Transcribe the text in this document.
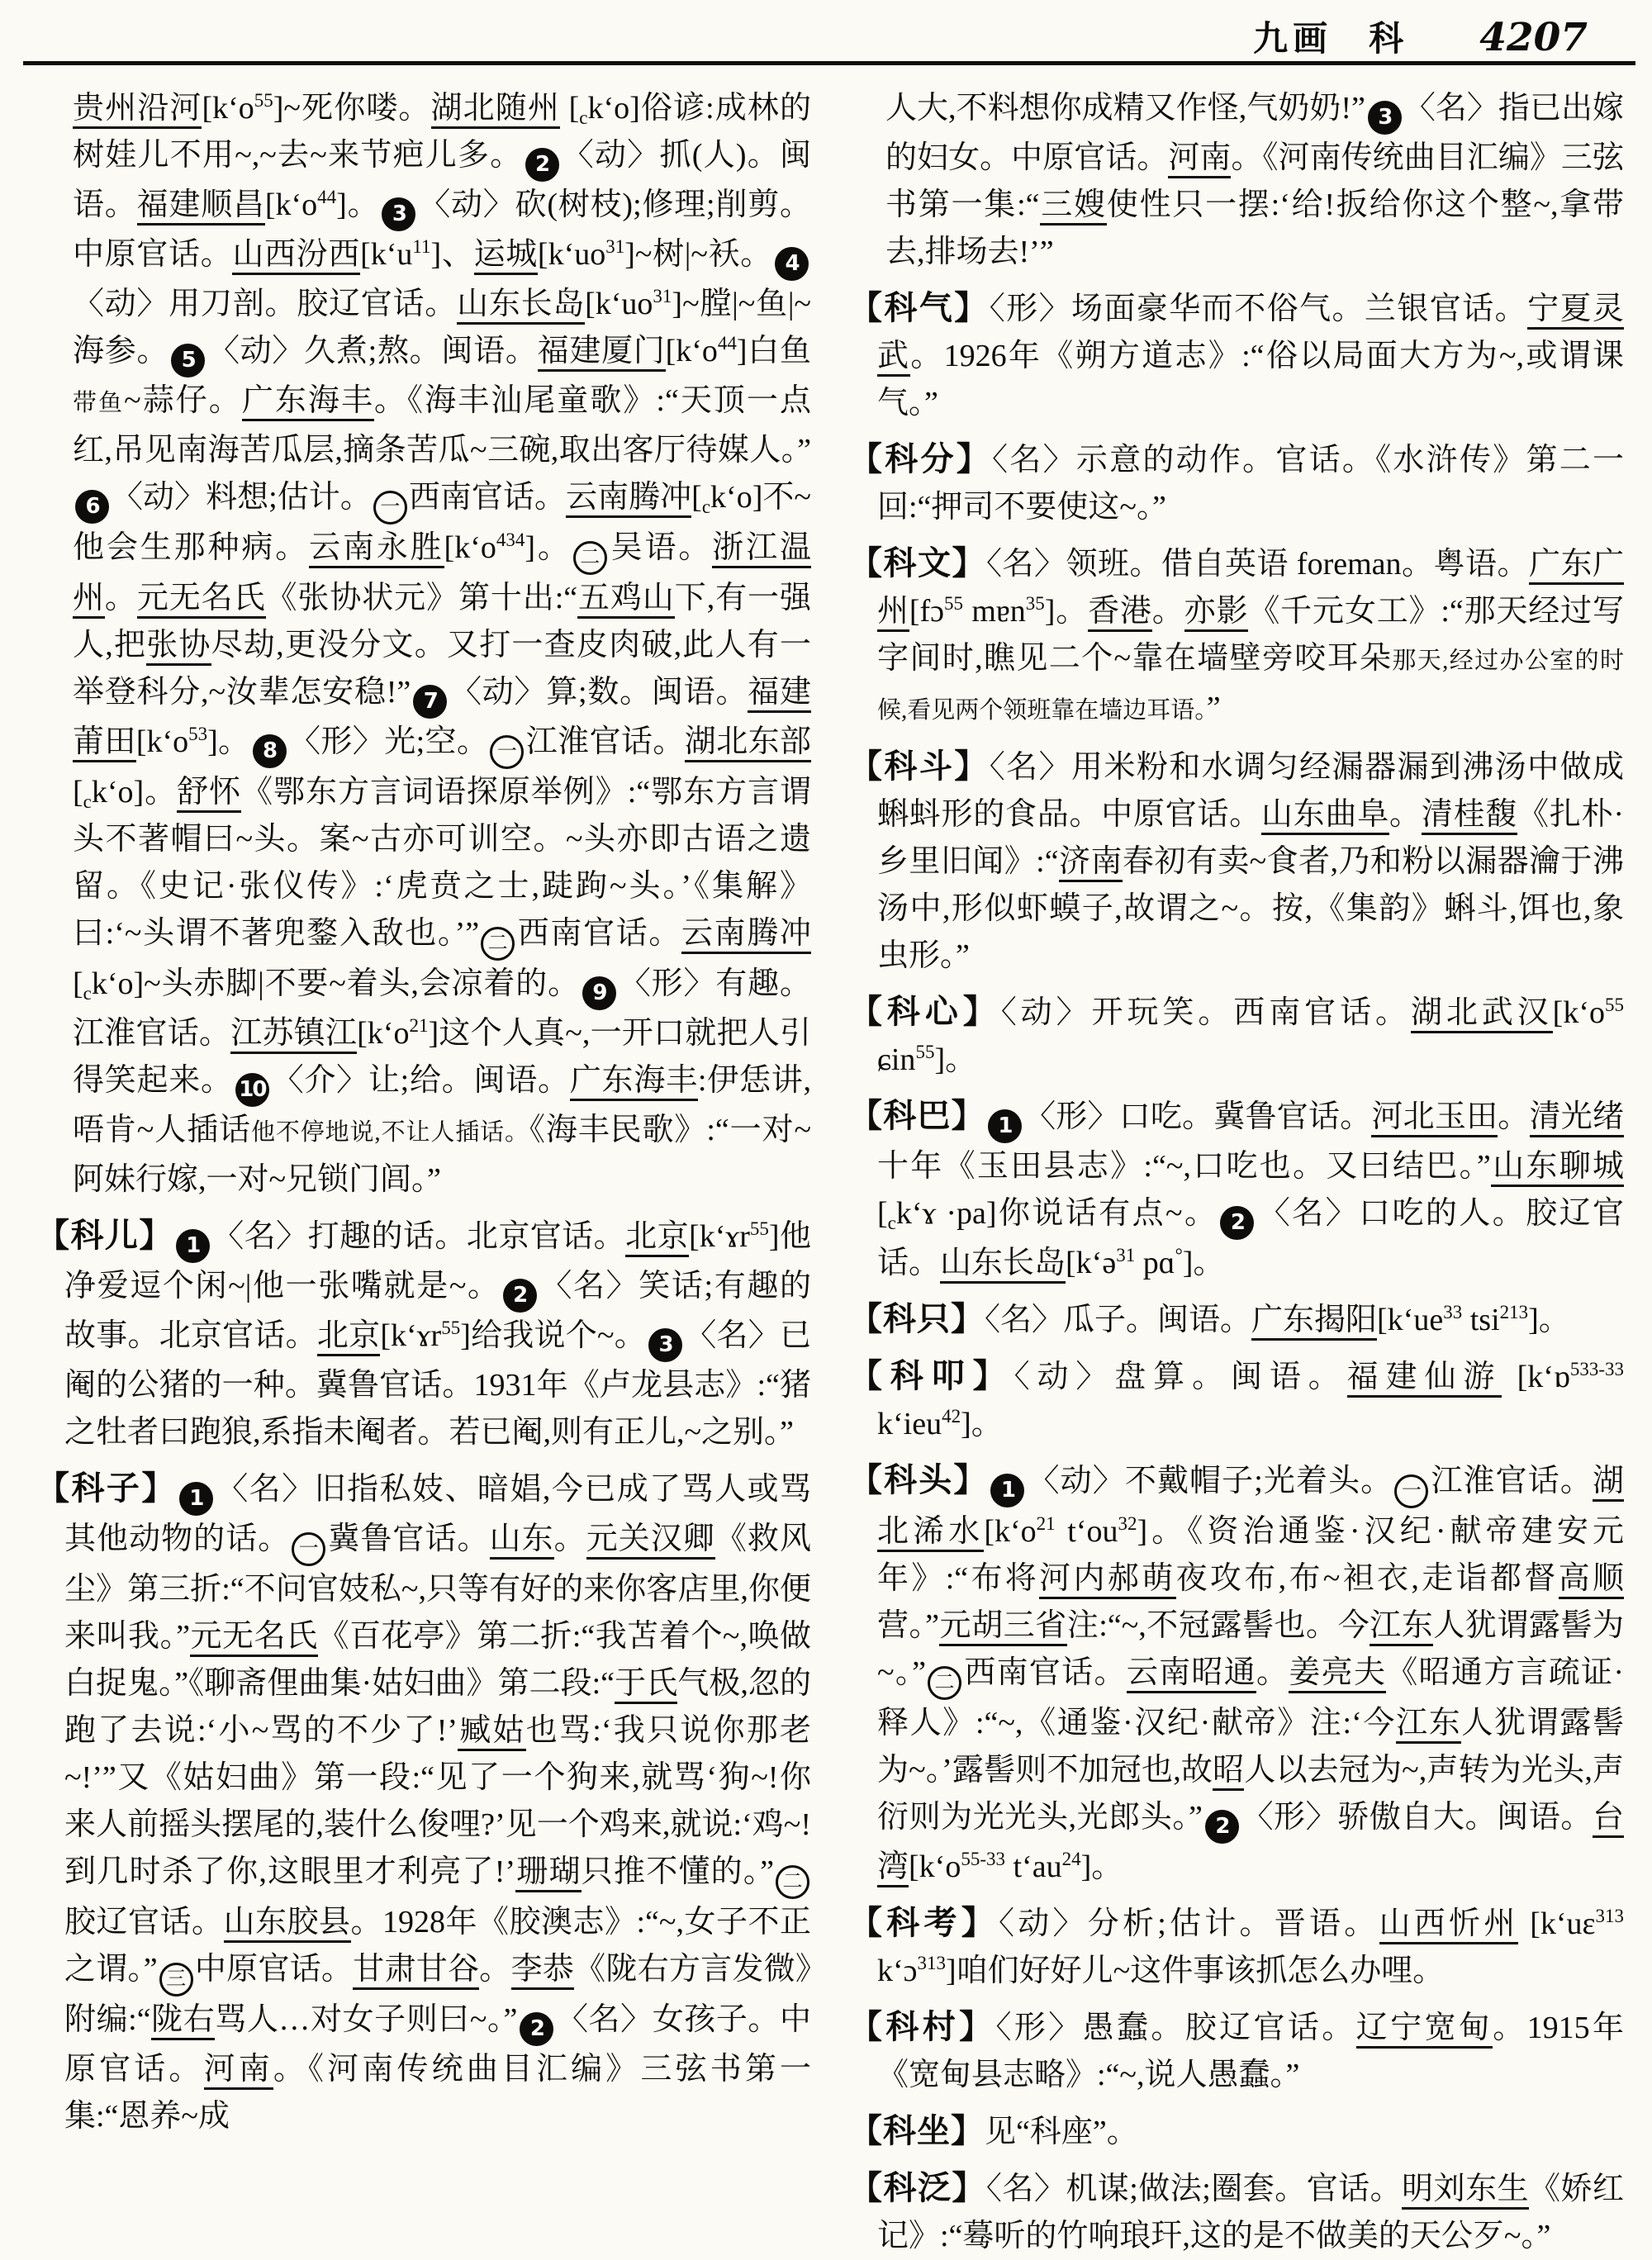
九画 科 4207
贵州沿河[kʻo$^{55}$]~死你喽。湖北随州 [ckʻo]俗谚:成林的树娃儿不用~,~去~来节疤儿多。 2 〈动〉抓(人)。闽语。福建顺昌[kʻo$^{44}$]。 3 〈动〉砍(树枝);修理;削剪。中原官话。山西汾西[kʻu$^{11}$]、运城[kʻuo$^{31}$]~树|~袄。 4〈动〉用刀剖。胶辽官话。山东长岛[kʻuo$^{31}$]~膛|~鱼|~海参。 5 〈动〉久煮;熬。闽语。福建厦门[kʻo$^{44}$]白鱼带鱼~蒜仔。广东海丰。《海丰汕尾童歌》:“天顶一点红,吊见南海苦瓜层,摘条苦瓜~三碗,取出客厅待媒人。”6 〈动〉料想;估计。 一 西南官话。云南腾冲[ckʻo]不~他会生那种病。云南永胜[kʻo$^{434}$]。 二 吴语。浙江温州。元无名氏《张协状元》第十出:“五鸡山下,有一强人,把张协尽劫,更没分文。又打一查皮肉破,此人有一举登科分,~汝辈怎安稳!” 7 〈动〉算;数。闽语。福建莆田[kʻo$^{53}$]。 8 〈形〉光;空。 一 江淮官话。湖北东部[ckʻo]。舒怀《鄂东方言词语探原举例》:“鄂东方言谓头不著帽曰~头。案~古亦可训空。~头亦即古语之遗留。《史记·张仪传》:‘虎贲之士,跿跔~头。’《集解》曰:‘~头谓不著兜鍪入敌也。’” 二 西南官话。云南腾冲[ckʻo]~头赤脚|不要~着头,会凉着的。 9 〈形〉有趣。江淮官话。江苏镇江[kʻo$^{21}$]这个人真~,一开口就把人引得笑起来。 10 〈介〉让;给。闽语。广东海丰:伊恁讲,唔肯~人插话他不停地说,不让人插话。《海丰民歌》:“一对~阿妹行嫁,一对~兄锁门闾。”
【科儿】 1 〈名〉打趣的话。北京官话。北京[kʻɤr$^{55}$]他净爱逗个闲~|他一张嘴就是~。 2 〈名〉笑话;有趣的故事。北京官话。北京[kʻɤr$^{55}$]给我说个~。 3 〈名〉已阉的公猪的一种。冀鲁官话。1931年《卢龙县志》:“猪之牡者曰跑狼,系指未阉者。若已阉,则有正儿,~之别。”
【科子】 1 〈名〉旧指私妓、暗娼,今已成了骂人或骂其他动物的话。 一 冀鲁官话。山东。元关汉卿《救风尘》第三折:“不问官妓私~,只等有好的来你客店里,你便来叫我。”元无名氏《百花亭》第二折:“我苫着个~,唤做白捉鬼。”《聊斋俚曲集·姑妇曲》第二段:“于氏气极,忽的跑了去说:‘小~骂的不少了!’臧姑也骂:‘我只说你那老~!’”又《姑妇曲》第一段:“见了一个狗来,就骂‘狗~!你来人前摇头摆尾的,装什么俊哩?’见一个鸡来,就说:‘鸡~!到几时杀了你,这眼里才利亮了!’珊瑚只推不懂的。” 二胶辽官话。山东胶县。1928年《胶澳志》:“~,女子不正之谓。” 三 中原官话。甘肃甘谷。李恭《陇右方言发微》附编:“陇右骂人…对女子则曰~。” 2 〈名〉女孩子。中原官话。河南。《河南传统曲目汇编》三弦书第一集:“恩养~成
人大,不料想你成精又作怪,气奶奶!” 3 〈名〉指已出嫁的妇女。中原官话。河南。《河南传统曲目汇编》三弦书第一集:“三嫂使性只一摆:‘给!扳给你这个整~,拿带去,排场去!’”
【科气】〈形〉场面豪华而不俗气。兰银官话。宁夏灵武。1926年《朔方道志》:“俗以局面大方为~,或谓课气。”
【科分】〈名〉示意的动作。官话。《水浒传》第二一回:“押司不要使这~。”
【科文】〈名〉领班。借自英语 foreman。粤语。广东广州[fɔ$^{55}$ mɐn$^{35}$]。香港。亦影《千元女工》:“那天经过写字间时,瞧见二个~靠在墙壁旁咬耳朵那天,经过办公室的时候,看见两个领班靠在墙边耳语。”
【科斗】〈名〉用米粉和水调匀经漏器漏到沸汤中做成蝌蚪形的食品。中原官话。山东曲阜。清桂馥《扎朴·乡里旧闻》:“济南春初有卖~食者,乃和粉以漏器瀹于沸汤中,形似虾蟆子,故谓之~。按,《集韵》蝌斗,饵也,象虫形。”
【科心】〈动〉开玩笑。西南官话。湖北武汉[kʻo$^{55}$ ɕin$^{55}$]。
【科巴】 1 〈形〉口吃。冀鲁官话。河北玉田。清光绪十年《玉田县志》:“~,口吃也。又曰结巴。”山东聊城[ckʻɤ ·pa]你说话有点~。 2 〈名〉口吃的人。胶辽官话。山东长岛[kʻə$^{31}$ pɑ°]。
【科只】〈名〉瓜子。闽语。广东揭阳[kʻue$^{33}$ tsi$^{213}$]。
【科叩】〈动〉盘算。闽语。福建仙游 [kʻɒ$^{533-33}$ kʻieu$^{42}$]。
【科头】 1 〈动〉不戴帽子;光着头。 一 江淮官话。湖北浠水[kʻo$^{21}$ tʻou$^{32}$]。《资治通鉴·汉纪·献帝建安元年》:“布将河内郝萌夜攻布,布~袒衣,走诣都督高顺营。”元胡三省注:“~,不冠露髻也。今江东人犹谓露髻为~。” 二 西南官话。云南昭通。姜亮夫《昭通方言疏证·释人》:“~,《通鉴·汉纪·献帝》注:‘今江东人犹谓露髻为~。’露髻则不加冠也,故昭人以去冠为~,声转为光头,声衍则为光光头,光郎头。” 2 〈形〉骄傲自大。闽语。台湾[kʻo$^{55-33}$ tʻau$^{24}$]。
【科考】〈动〉分析;估计。晋语。山西忻州 [kʻuɛ$^{313}$ kʻɔ$^{313}$]咱们好好儿~这件事该抓怎么办哩。
【科村】〈形〉愚蠢。胶辽官话。辽宁宽甸。1915年《宽甸县志略》:“~,说人愚蠢。”
【科坐】见“科座”。
【科泛】〈名〉机谋;做法;圈套。官话。明刘东生《娇红记》:“蓦听的竹响琅玕,这的是不做美的天公歹~。”
